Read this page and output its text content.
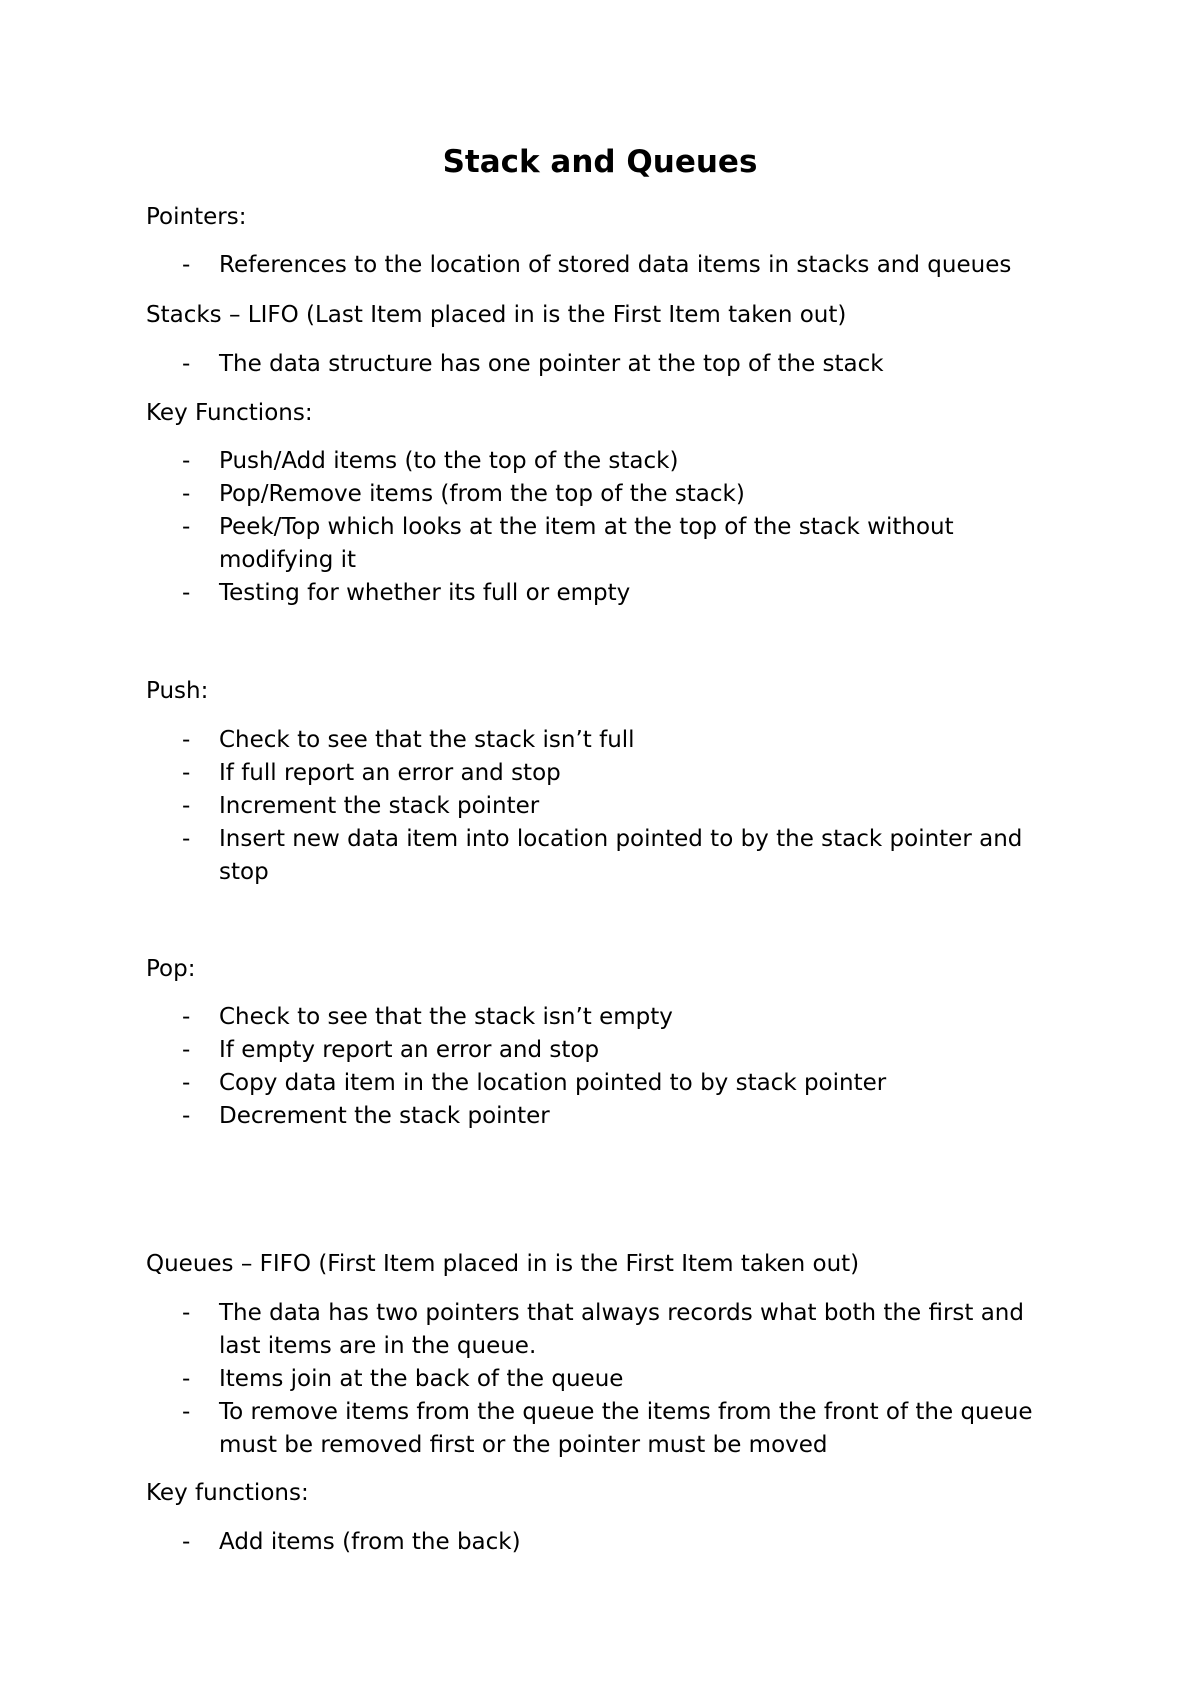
Stack and Queues

Pointers:

- References to the location of stored data items in stacks and queues

Stacks – LIFO (Last Item placed in is the First Item taken out)

- The data structure has one pointer at the top of the stack

Key Functions:

- Push/Add items (to the top of the stack)
- Pop/Remove items (from the top of the stack)
- Peek/Top which looks at the item at the top of the stack without modifying it
- Testing for whether its full or empty

Push:

- Check to see that the stack isn’t full
- If full report an error and stop
- Increment the stack pointer
- Insert new data item into location pointed to by the stack pointer and stop

Pop:

- Check to see that the stack isn’t empty
- If empty report an error and stop
- Copy data item in the location pointed to by stack pointer
- Decrement the stack pointer

Queues – FIFO (First Item placed in is the First Item taken out)

- The data has two pointers that always records what both the first and last items are in the queue.
- Items join at the back of the queue
- To remove items from the queue the items from the front of the queue must be removed first or the pointer must be moved

Key functions:

- Add items (from the back)
